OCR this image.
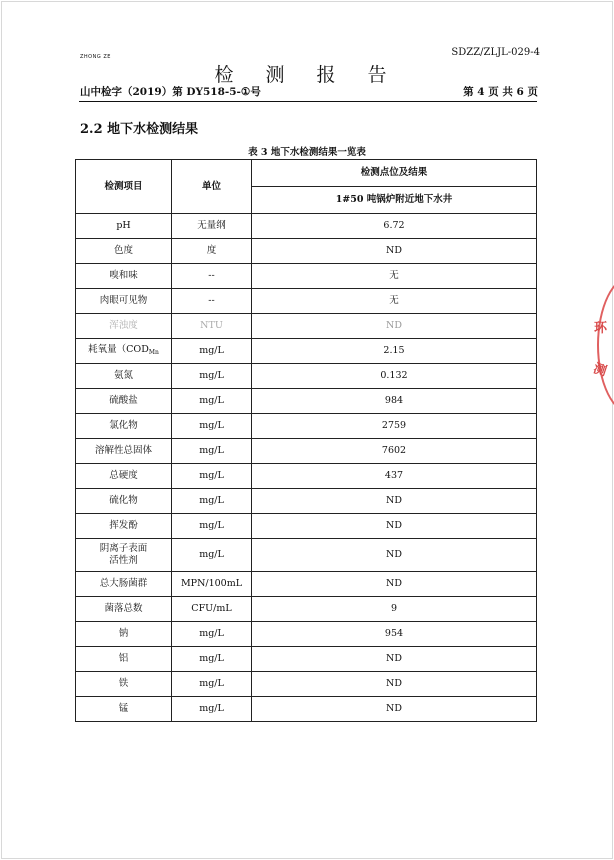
ZHONG ZE	SDZZ/ZLJL-029-4
检 测 报 告
山中检字（2019）第 DY518-5-①号	第 4 页 共 6 页
2.2 地下水检测结果
表 3 地下水检测结果一览表
检测项目	单位	检测点位及结果
		1#50 吨锅炉附近地下水井
pH	无量纲	6.72
色度	度	ND
嗅和味	--	无
肉眼可见物	--	无
浑浊度	NTU	ND
耗氧量（$COD_{Mn}$	mg/L	2.15
氨氮	mg/L	0.132
硫酸盐	mg/L	984
氯化物	mg/L	2759
溶解性总固体	mg/L	7602
总硬度	mg/L	437
硫化物	mg/L	ND
挥发酚	mg/L	ND
阴离子表面
活性剂	mg/L	ND
总大肠菌群	MPN/100mL	ND
菌落总数	CFU/mL	9
钠	mg/L	954
铝	mg/L	ND
铁	mg/L	ND
锰	mg/L	ND
环
测
